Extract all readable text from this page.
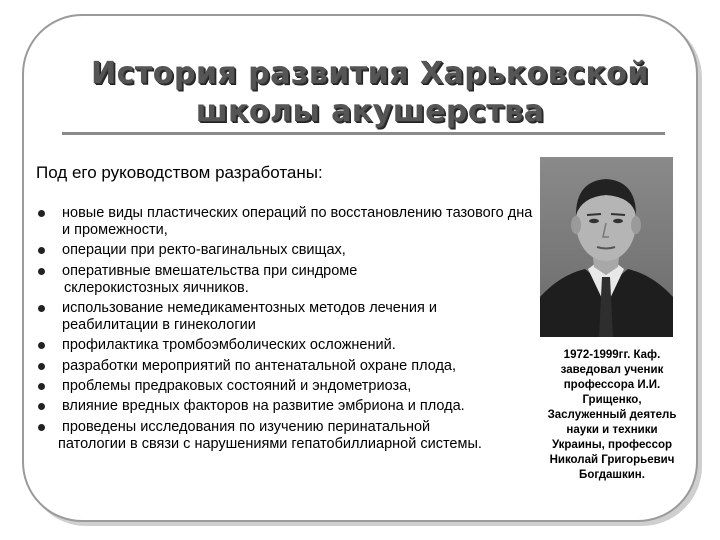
История развития Харьковской
школы акушерства
Под его руководством разработаны:
новые виды пластических операций по восстановлению тазового дна и промежности,
операции при ректо-вагинальных свищах,
оперативные вмешательства при синдроме
склерокистозных яичников.
использование немедикаментозных методов лечения и реабилитации в гинекологии
профилактика тромбоэмболических осложнений.
разработки мероприятий по антенатальной охране плода,
проблемы предраковых состояний и эндометриоза,
влияние вредных факторов на развитие эмбриона и плода.
проведены исследования по изучению перинатальной
патологии в связи с нарушениями гепатобиллиарной системы.
1972-1999гг. Каф.
заведовал ученик
профессора И.И.
Грищенко,
Заслуженный деятель
науки и техники
Украины, профессор
Николай Григорьевич
Богдашкин.
